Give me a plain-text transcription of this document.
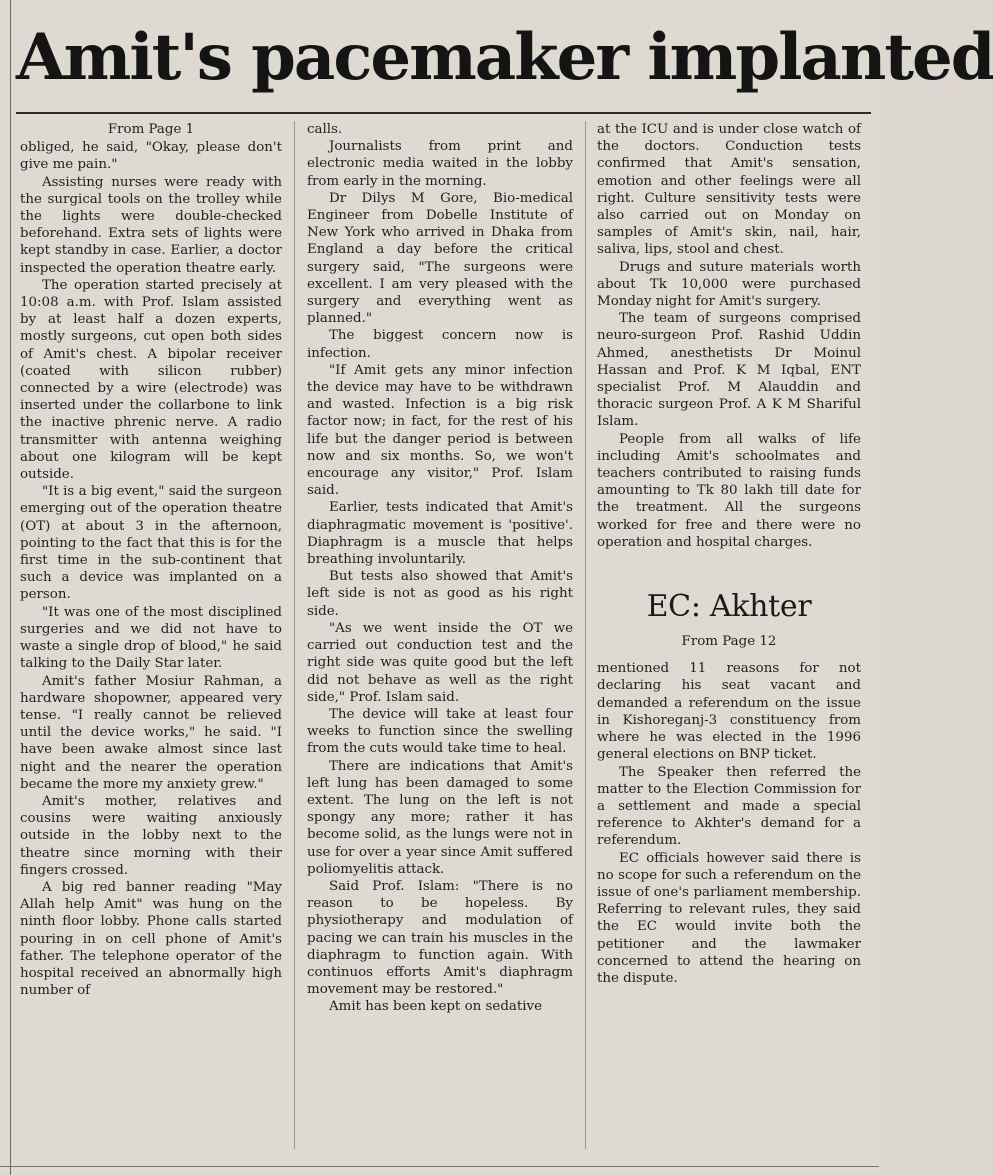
Amit's pacemaker implanted

From Page 1

obliged, he said, "Okay, please don't give me pain."

Assisting nurses were ready with the surgical tools on the trolley while the lights were double-checked beforehand. Extra sets of lights were kept standby in case. Earlier, a doctor inspected the operation theatre early.

The operation started precisely at 10:08 a.m. with Prof. Islam assisted by at least half a dozen experts, mostly surgeons, cut open both sides of Amit's chest. A bipolar receiver (coated with silicon rubber) connected by a wire (electrode) was inserted under the collarbone to link the inactive phrenic nerve. A radio transmitter with antenna weighing about one kilogram will be kept outside.

"It is a big event," said the surgeon emerging out of the operation theatre (OT) at about 3 in the afternoon, pointing to the fact that this is for the first time in the sub-continent that such a device was implanted on a person.

"It was one of the most disciplined surgeries and we did not have to waste a single drop of blood," he said talking to the Daily Star later.

Amit's father Mosiur Rahman, a hardware shopowner, appeared very tense. "I really cannot be relieved until the device works," he said. "I have been awake almost since last night and the nearer the operation became the more my anxiety grew."

Amit's mother, relatives and cousins were waiting anxiously outside in the lobby next to the theatre since morning with their fingers crossed.

A big red banner reading "May Allah help Amit" was hung on the ninth floor lobby. Phone calls started pouring in on cell phone of Amit's father. The telephone operator of the hospital received an abnormally high number of

calls.

Journalists from print and electronic media waited in the lobby from early in the morning.

Dr Dilys M Gore, Bio-medical Engineer from Dobelle Institute of New York who arrived in Dhaka from England a day before the critical surgery said, "The surgeons were excellent. I am very pleased with the surgery and everything went as planned."

The biggest concern now is infection.

"If Amit gets any minor infection the device may have to be withdrawn and wasted. Infection is a big risk factor now; in fact, for the rest of his life but the danger period is between now and six months. So, we won't encourage any visitor," Prof. Islam said.

Earlier, tests indicated that Amit's diaphragmatic movement is 'positive'. Diaphragm is a muscle that helps breathing involuntarily.

But tests also showed that Amit's left side is not as good as his right side.

"As we went inside the OT we carried out conduction test and the right side was quite good but the left did not behave as well as the right side," Prof. Islam said.

The device will take at least four weeks to function since the swelling from the cuts would take time to heal.

There are indications that Amit's left lung has been damaged to some extent. The lung on the left is not spongy any more; rather it has become solid, as the lungs were not in use for over a year since Amit suffered poliomyelitis attack.

Said Prof. Islam: "There is no reason to be hopeless. By physiotherapy and modulation of pacing we can train his muscles in the diaphragm to function again. With continuos efforts Amit's diaphragm movement may be restored."

Amit has been kept on sedative

at the ICU and is under close watch of the doctors. Conduction tests confirmed that Amit's sensation, emotion and other feelings were all right. Culture sensitivity tests were also carried out on Monday on samples of Amit's skin, nail, hair, saliva, lips, stool and chest.

Drugs and suture materials worth about Tk 10,000 were purchased Monday night for Amit's surgery.

The team of surgeons comprised neuro-surgeon Prof. Rashid Uddin Ahmed, anesthetists Dr Moinul Hassan and Prof. K M Iqbal, ENT specialist Prof. M Alauddin and thoracic surgeon Prof. A K M Shariful Islam.

People from all walks of life including Amit's schoolmates and teachers contributed to raising funds amounting to Tk 80 lakh till date for the treatment. All the surgeons worked for free and there were no operation and hospital charges.

EC: Akhter
From Page 12

mentioned 11 reasons for not declaring his seat vacant and demanded a referendum on the issue in Kishoreganj-3 constituency from where he was elected in the 1996 general elections on BNP ticket.

The Speaker then referred the matter to the Election Commission for a settlement and made a special reference to Akhter's demand for a referendum.

EC officials however said there is no scope for such a referendum on the issue of one's parliament membership. Referring to relevant rules, they said the EC would invite both the petitioner and the lawmaker concerned to attend the hearing on the dispute.
